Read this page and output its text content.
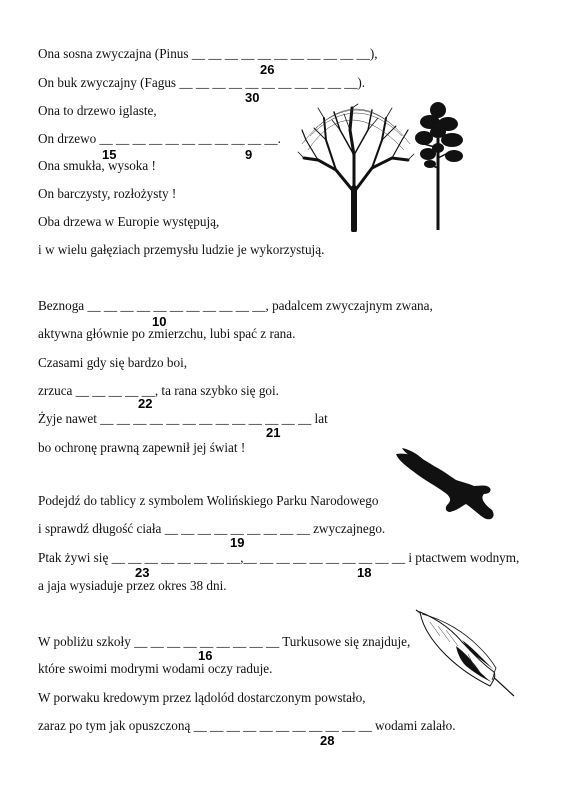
Ona sosna zwyczajna (Pinus __ __ __ __ __ __ __ __ __ __ __),
26
On buk zwyczajny (Fagus __ __ __ __ __ __ __ __ __ __ __).
30
Ona to drzewo iglaste,
On drzewo __ __ __ __ __ __ __ __ __ __ __.
15	9
Ona smukła, wysoka !
On barczysty, rozłożysty !
Oba drzewa w Europie występują,
i w wielu gałęziach przemysłu ludzie je wykorzystują.
Beznoga __ __ __ __ __ __ __ __ __ __ __, padalcem zwyczajnym zwana,
10
aktywna głównie po zmierzchu, lubi spać z rana.
Czasami gdy się bardzo boi,
zrzuca __ __ __ __ __, ta rana szybko się goi.
22
Żyje nawet __ __ __ __ __ __ __ __ __ __ __ __ __ lat
21
bo ochronę prawną zapewnił jej świat !
Podejdź do tablicy z symbolem Wolińskiego Parku Narodowego
i sprawdź długość ciała __ __ __ __ __ __ __ __ __ zwyczajnego.
19
Ptak żywi się __ __ __ __ __ __ __ __,__ __ __ __ __ __ __ __ __ __ i ptactwem wodnym,
23	18
a jaja wysiaduje przez okres 38 dni.
W pobliżu szkoły __ __ __ __ __ __ __ __ __ Turkusowe się znajduje,
16
które swoimi modrymi wodami oczy raduje.
W porwaku kredowym przez lądolód dostarczonym powstało,
zaraz po tym jak opuszczoną __ __ __ __ __ __ __ __ __ __ __ wodami zalało.
28
